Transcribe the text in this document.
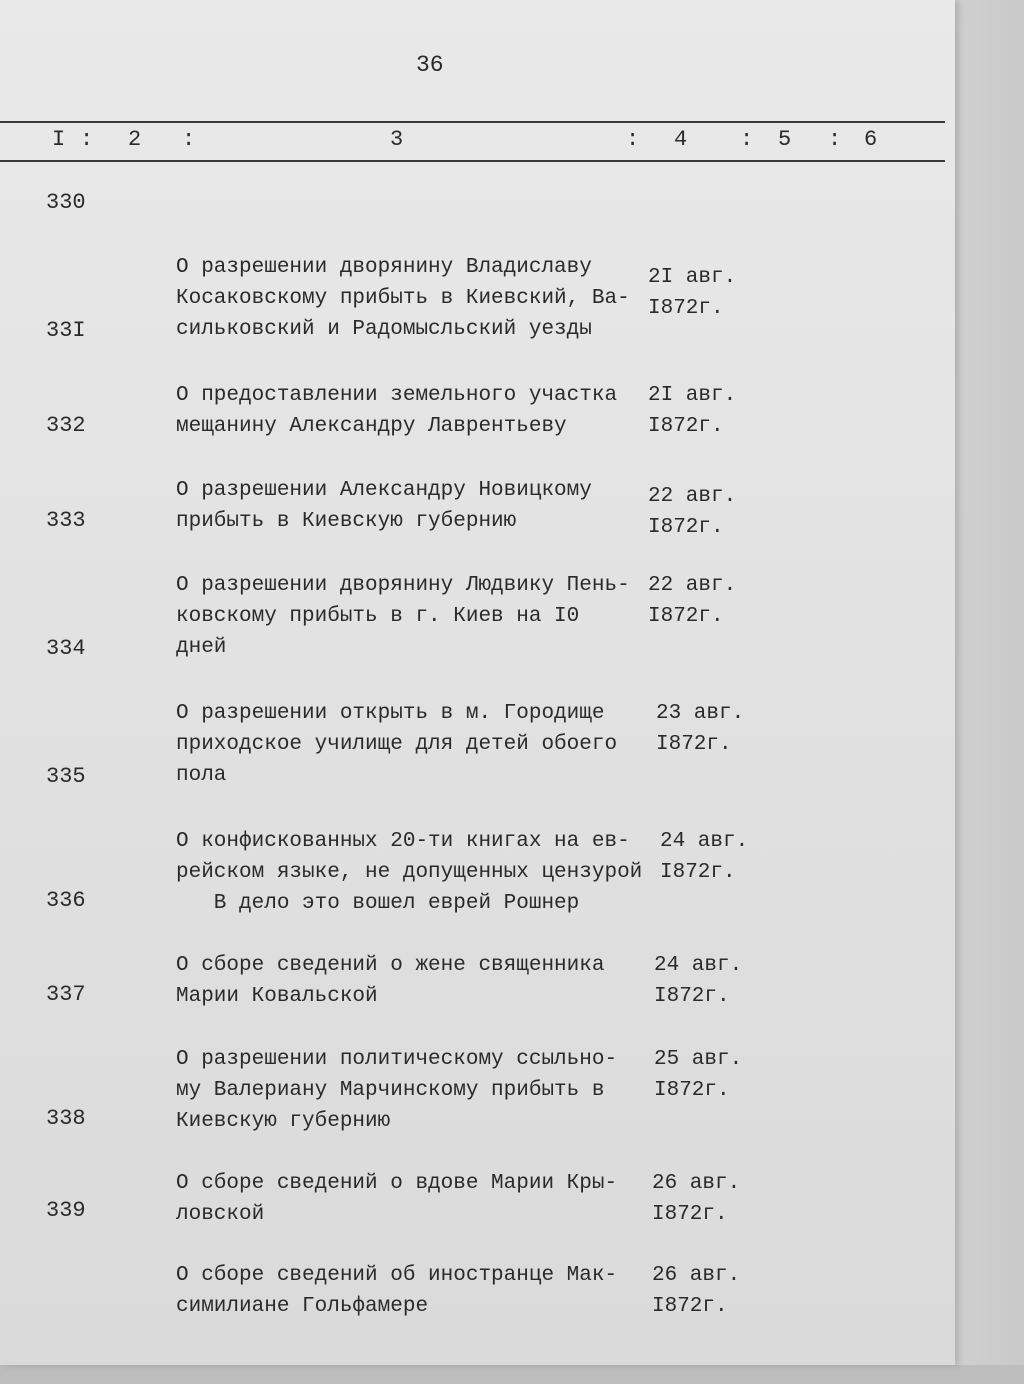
36
I : 2 :	3	: 4 : 5 : 6
330

О разрешении дворянину Владиславу
Косаковскому прибыть в Киевский, Ва-
сильковский и Радомысльский уезды

2I авг.
I872г.

33I

О предоставлении земельного участка
мещанину Александру Лаврентьеву

2I авг.
I872г.

332

О разрешении Александру Новицкому
прибыть в Киевскую губернию

22 авг.
I872г.

333

О разрешении дворянину Людвику Пень-
ковскому прибыть в г. Киев на I0
дней

22 авг.
I872г.

334

О разрешении открыть в м. Городище
приходское училище для детей обоего
пола

23 авг.
I872г.

335

О конфискованных 20-ти книгах на ев-
рейском языке, не допущенных цензурой
В дело это вошел еврей Рошнер

24 авг.
I872г.

336

О сборе сведений о жене священника
Марии Ковальской

24 авг.
I872г.

337

О разрешении политическому ссыльно-
му Валериану Марчинскому прибыть в
Киевскую губернию

25 авг.
I872г.

338

О сборе сведений о вдове Марии Кры-
ловской

26 авг.
I872г.

339

О сборе сведений об иностранце Мак-
симилиане Гольфамере

26 авг.
I872г.
